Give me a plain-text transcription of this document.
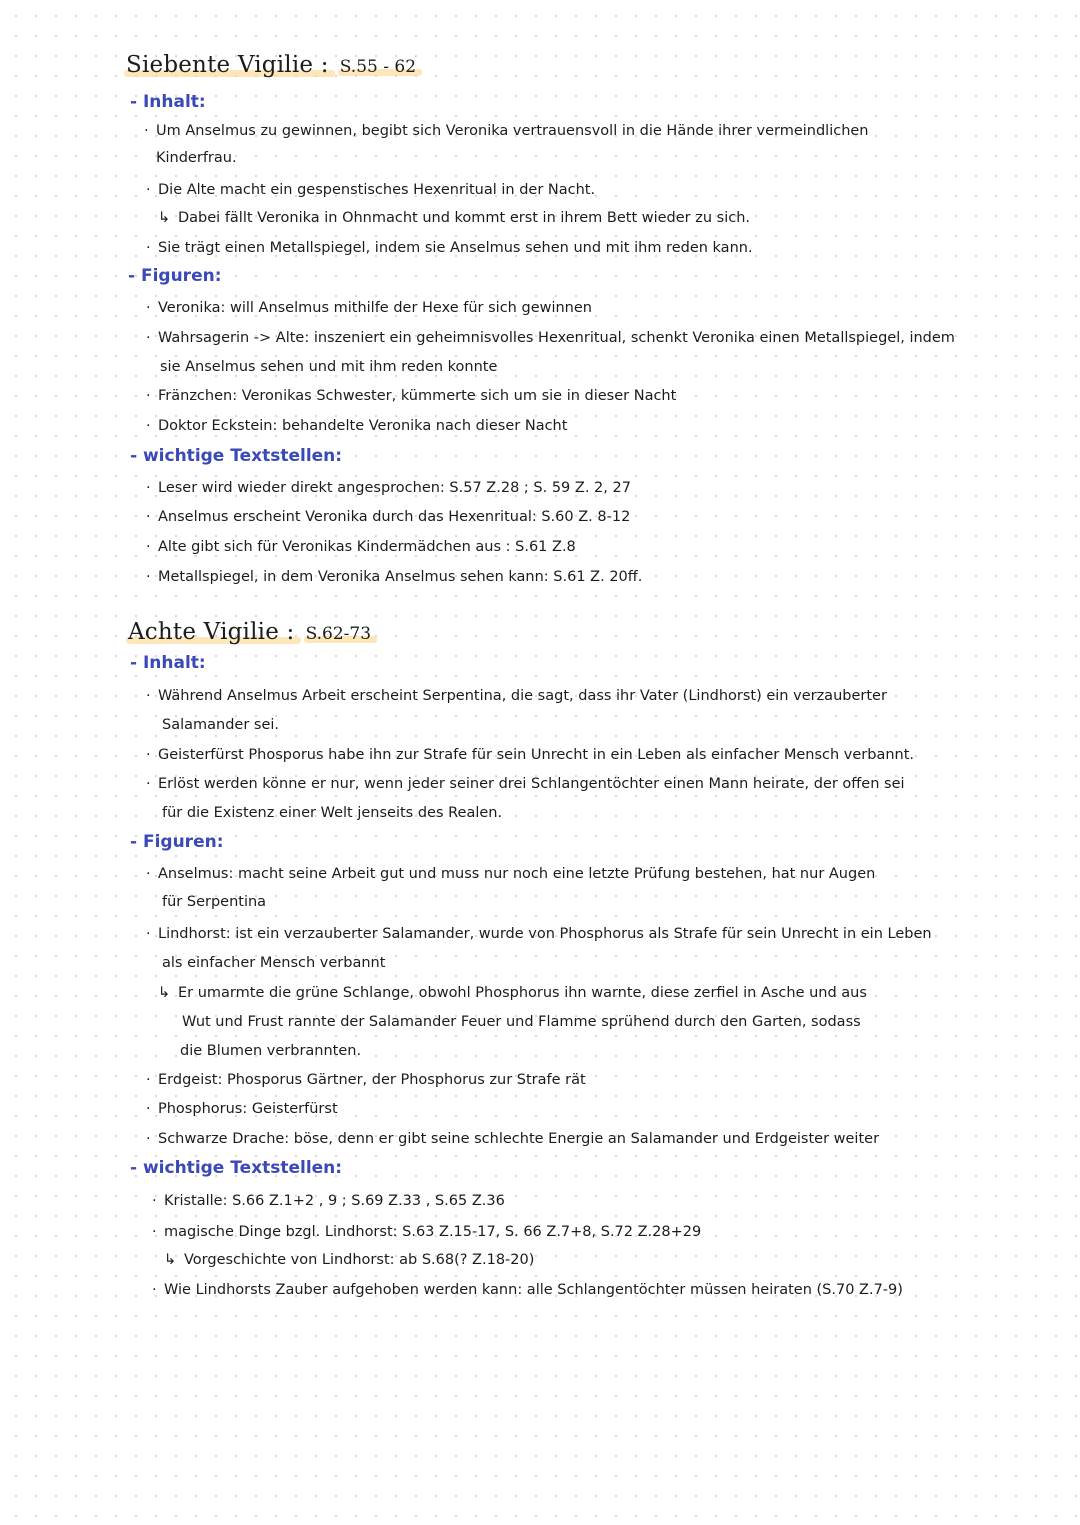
Siebente Vigilie : S.55 - 62
- Inhalt:
· Um Anselmus zu gewinnen, begibt sich Veronika vertrauensvoll in die Hände ihrer vermeindlichen
Kinderfrau.
· Die Alte macht ein gespenstisches Hexenritual in der Nacht.
↳ Dabei fällt Veronika in Ohnmacht und kommt erst in ihrem Bett wieder zu sich.
· Sie trägt einen Metallspiegel, indem sie Anselmus sehen und mit ihm reden kann.
- Figuren:
· Veronika: will Anselmus mithilfe der Hexe für sich gewinnen
· Wahrsagerin -> Alte: inszeniert ein geheimnisvolles Hexenritual, schenkt Veronika einen Metallspiegel, indem
sie Anselmus sehen und mit ihm reden konnte
· Fränzchen: Veronikas Schwester, kümmerte sich um sie in dieser Nacht
· Doktor Eckstein: behandelte Veronika nach dieser Nacht
- wichtige Textstellen:
· Leser wird wieder direkt angesprochen: S.57 Z.28 ; S. 59 Z. 2, 27
· Anselmus erscheint Veronika durch das Hexenritual: S.60 Z. 8-12
· Alte gibt sich für Veronikas Kindermädchen aus : S.61 Z.8
· Metallspiegel, in dem Veronika Anselmus sehen kann: S.61 Z. 20ff.
Achte Vigilie : S.62-73
- Inhalt:
· Während Anselmus Arbeit erscheint Serpentina, die sagt, dass ihr Vater (Lindhorst) ein verzauberter
Salamander sei.
· Geisterfürst Phosporus habe ihn zur Strafe für sein Unrecht in ein Leben als einfacher Mensch verbannt.
· Erlöst werden könne er nur, wenn jeder seiner drei Schlangentöchter einen Mann heirate, der offen sei
für die Existenz einer Welt jenseits des Realen.
- Figuren:
· Anselmus: macht seine Arbeit gut und muss nur noch eine letzte Prüfung bestehen, hat nur Augen
für Serpentina
· Lindhorst: ist ein verzauberter Salamander, wurde von Phosphorus als Strafe für sein Unrecht in ein Leben
als einfacher Mensch verbannt
↳ Er umarmte die grüne Schlange, obwohl Phosphorus ihn warnte, diese zerfiel in Asche und aus
Wut und Frust rannte der Salamander Feuer und Flamme sprühend durch den Garten, sodass
die Blumen verbrannten.
· Erdgeist: Phosporus Gärtner, der Phosphorus zur Strafe rät
· Phosphorus: Geisterfürst
· Schwarze Drache: böse, denn er gibt seine schlechte Energie an Salamander und Erdgeister weiter
- wichtige Textstellen:
· Kristalle: S.66 Z.1+2 , 9 ; S.69 Z.33 , S.65 Z.36
· magische Dinge bzgl. Lindhorst: S.63 Z.15-17, S. 66 Z.7+8, S.72 Z.28+29
↳ Vorgeschichte von Lindhorst: ab S.68(? Z.18-20)
· Wie Lindhorsts Zauber aufgehoben werden kann: alle Schlangentöchter müssen heiraten (S.70 Z.7-9)
